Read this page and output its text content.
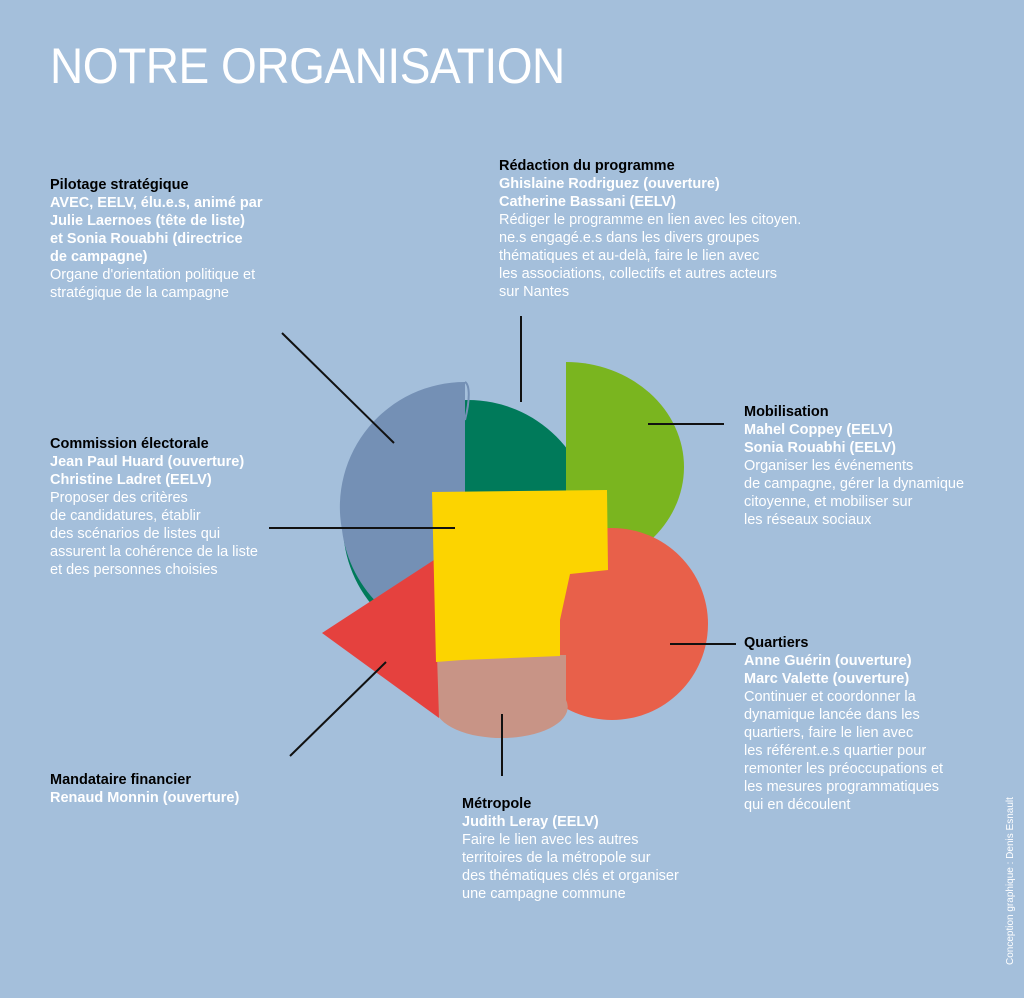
NOTRE ORGANISATION
Pilotage stratégique
AVEC, EELV, élu.e.s, animé par
Julie Laernoes (tête de liste)
et Sonia Rouabhi (directrice
de campagne)
Organe d'orientation politique et
stratégique de la campagne
Rédaction du programme
Ghislaine Rodriguez (ouverture)
Catherine Bassani (EELV)
Rédiger le programme en lien avec les citoyen.
ne.s engagé.e.s dans les divers groupes
thématiques et au-delà, faire le lien avec
les associations, collectifs et autres acteurs
sur Nantes
Mobilisation
Mahel Coppey (EELV)
Sonia Rouabhi (EELV)
Organiser les événements
de campagne, gérer la dynamique
citoyenne, et mobiliser sur
les réseaux sociaux
Commission électorale
Jean Paul Huard (ouverture)
Christine Ladret (EELV)
Proposer des critères
de candidatures, établir
des scénarios de listes qui
assurent la cohérence de la liste
et des personnes choisies
Quartiers
Anne Guérin (ouverture)
Marc Valette (ouverture)
Continuer et coordonner la
dynamique lancée dans les
quartiers, faire le lien avec
les référent.e.s quartier pour
remonter les préoccupations et
les mesures programmatiques
qui en découlent
Mandataire financier
Renaud Monnin (ouverture)	Métropole
Judith Leray (EELV)
Faire le lien avec les autres
territoires de la métropole sur
des thématiques clés et organiser
une campagne commune	Conception graphique : Denis Esnault
